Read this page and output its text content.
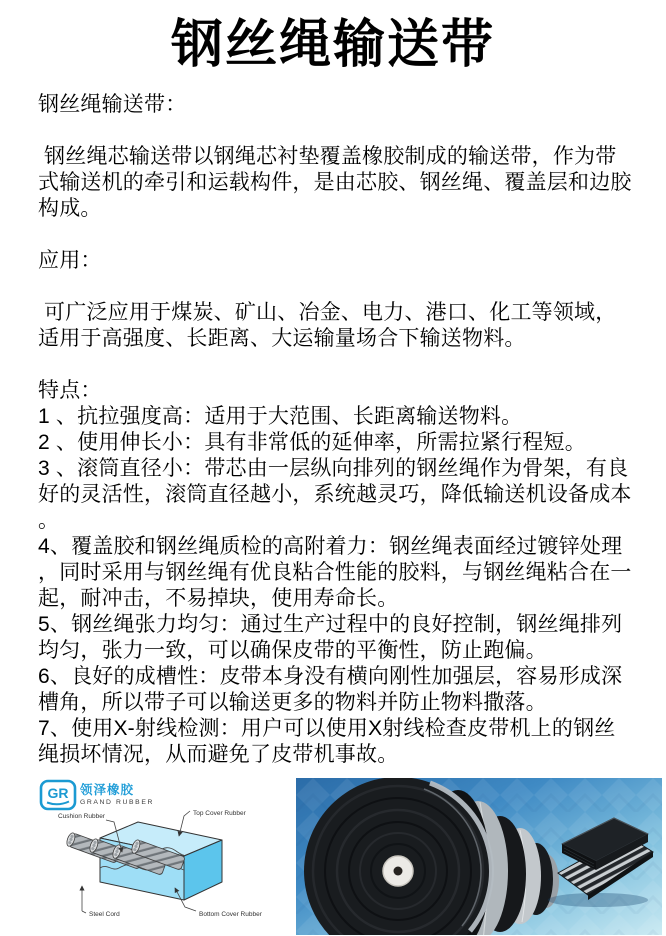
钢丝绳输送带

钢丝绳输送带：

钢丝绳芯输送带以钢绳芯衬垫覆盖橡胶制成的输送带，作为带式输送机的牵引和运载构件，是由芯胶、钢丝绳、覆盖层和边胶构成。

应用：

可广泛应用于煤炭、矿山、冶金、电力、港口、化工等领域，适用于高强度、长距离、大运输量场合下输送物料。

特点：

1 、抗拉强度高：适用于大范围、长距离输送物料。

2 、使用伸长小：具有非常低的延伸率，所需拉紧行程短。

3 、滚筒直径小：带芯由一层纵向排列的钢丝绳作为骨架，有良好的灵活性，滚筒直径越小，系统越灵巧，降低输送机设备成本。

4、覆盖胶和钢丝绳质检的高附着力：钢丝绳表面经过镀锌处理，同时采用与钢丝绳有优良粘合性能的胶料，与钢丝绳粘合在一起，耐冲击，不易掉块，使用寿命长。

5、钢丝绳张力均匀：通过生产过程中的良好控制，钢丝绳排列均匀，张力一致，可以确保皮带的平衡性，防止跑偏。

6、良好的成槽性：皮带本身没有横向刚性加强层，容易形成深槽角，所以带子可以输送更多的物料并防止物料撒落。

7、使用X-射线检测：用户可以使用X射线检查皮带机上的钢丝绳损坏情况，从而避免了皮带机事故。

GR 领泽橡胶
GRAND RUBBER
Cushion Rubber	Top Cover Rubber
Steel Cord	Bottom Cover Rubber
